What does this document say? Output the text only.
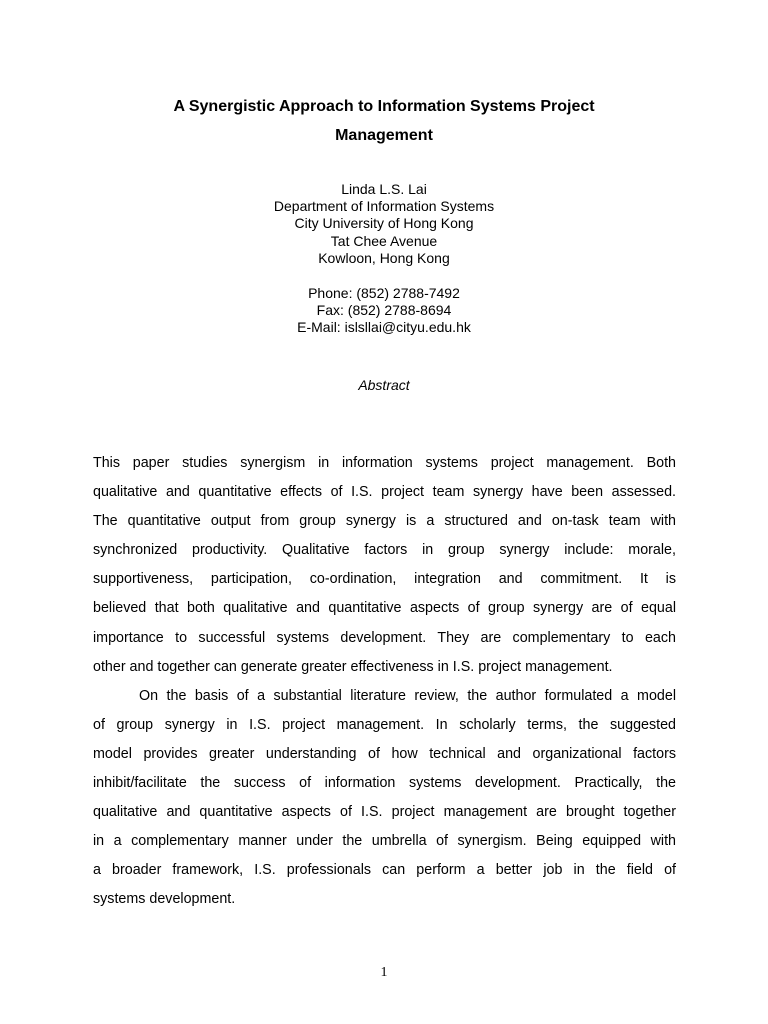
A Synergistic Approach to Information Systems Project
Management
Linda L.S. Lai
Department of Information Systems
City University of Hong Kong
Tat Chee Avenue
Kowloon, Hong Kong
Phone: (852) 2788-7492
Fax: (852) 2788-8694
E-Mail: islsllai@cityu.edu.hk
Abstract
This paper studies synergism in information systems project management. Both
qualitative and quantitative effects of I.S. project team synergy have been assessed.
The quantitative output from group synergy is a structured and on-task team with
synchronized productivity. Qualitative factors in group synergy include: morale,
supportiveness, participation, co-ordination, integration and commitment. It is
believed that both qualitative and quantitative aspects of group synergy are of equal
importance to successful systems development. They are complementary to each
other and together can generate greater effectiveness in I.S. project management.
On the basis of a substantial literature review, the author formulated a model
of group synergy in I.S. project management. In scholarly terms, the suggested
model provides greater understanding of how technical and organizational factors
inhibit/facilitate the success of information systems development. Practically, the
qualitative and quantitative aspects of I.S. project management are brought together
in a complementary manner under the umbrella of synergism. Being equipped with
a broader framework, I.S. professionals can perform a better job in the field of
systems development.
1
